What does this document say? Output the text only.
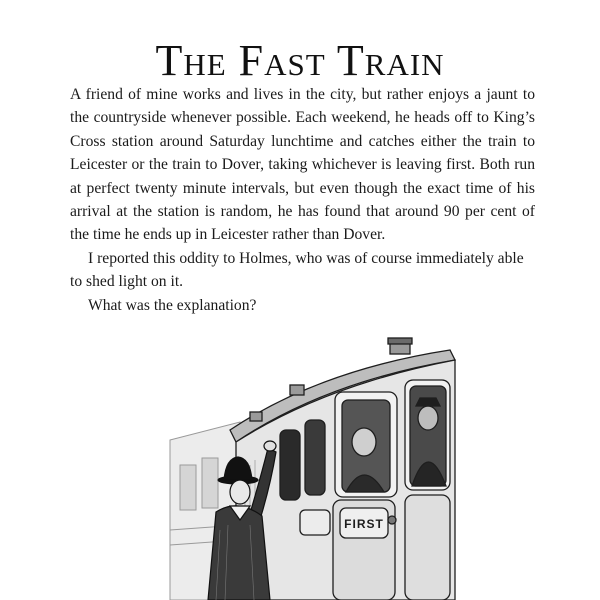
The Fast Train

A friend of mine works and lives in the city, but rather enjoys a jaunt to the countryside whenever possible. Each weekend, he heads off to King’s Cross station around Saturday lunchtime and catches either the train to Leicester or the train to Dover, taking whichever is leaving first. Both run at perfect twenty minute intervals, but even though the exact time of his arrival at the station is random, he has found that around 90 per cent of the time he ends up in Leicester rather than Dover.

I reported this oddity to Holmes, who was of course immediately able to shed light on it.

What was the explanation?

FIRST
